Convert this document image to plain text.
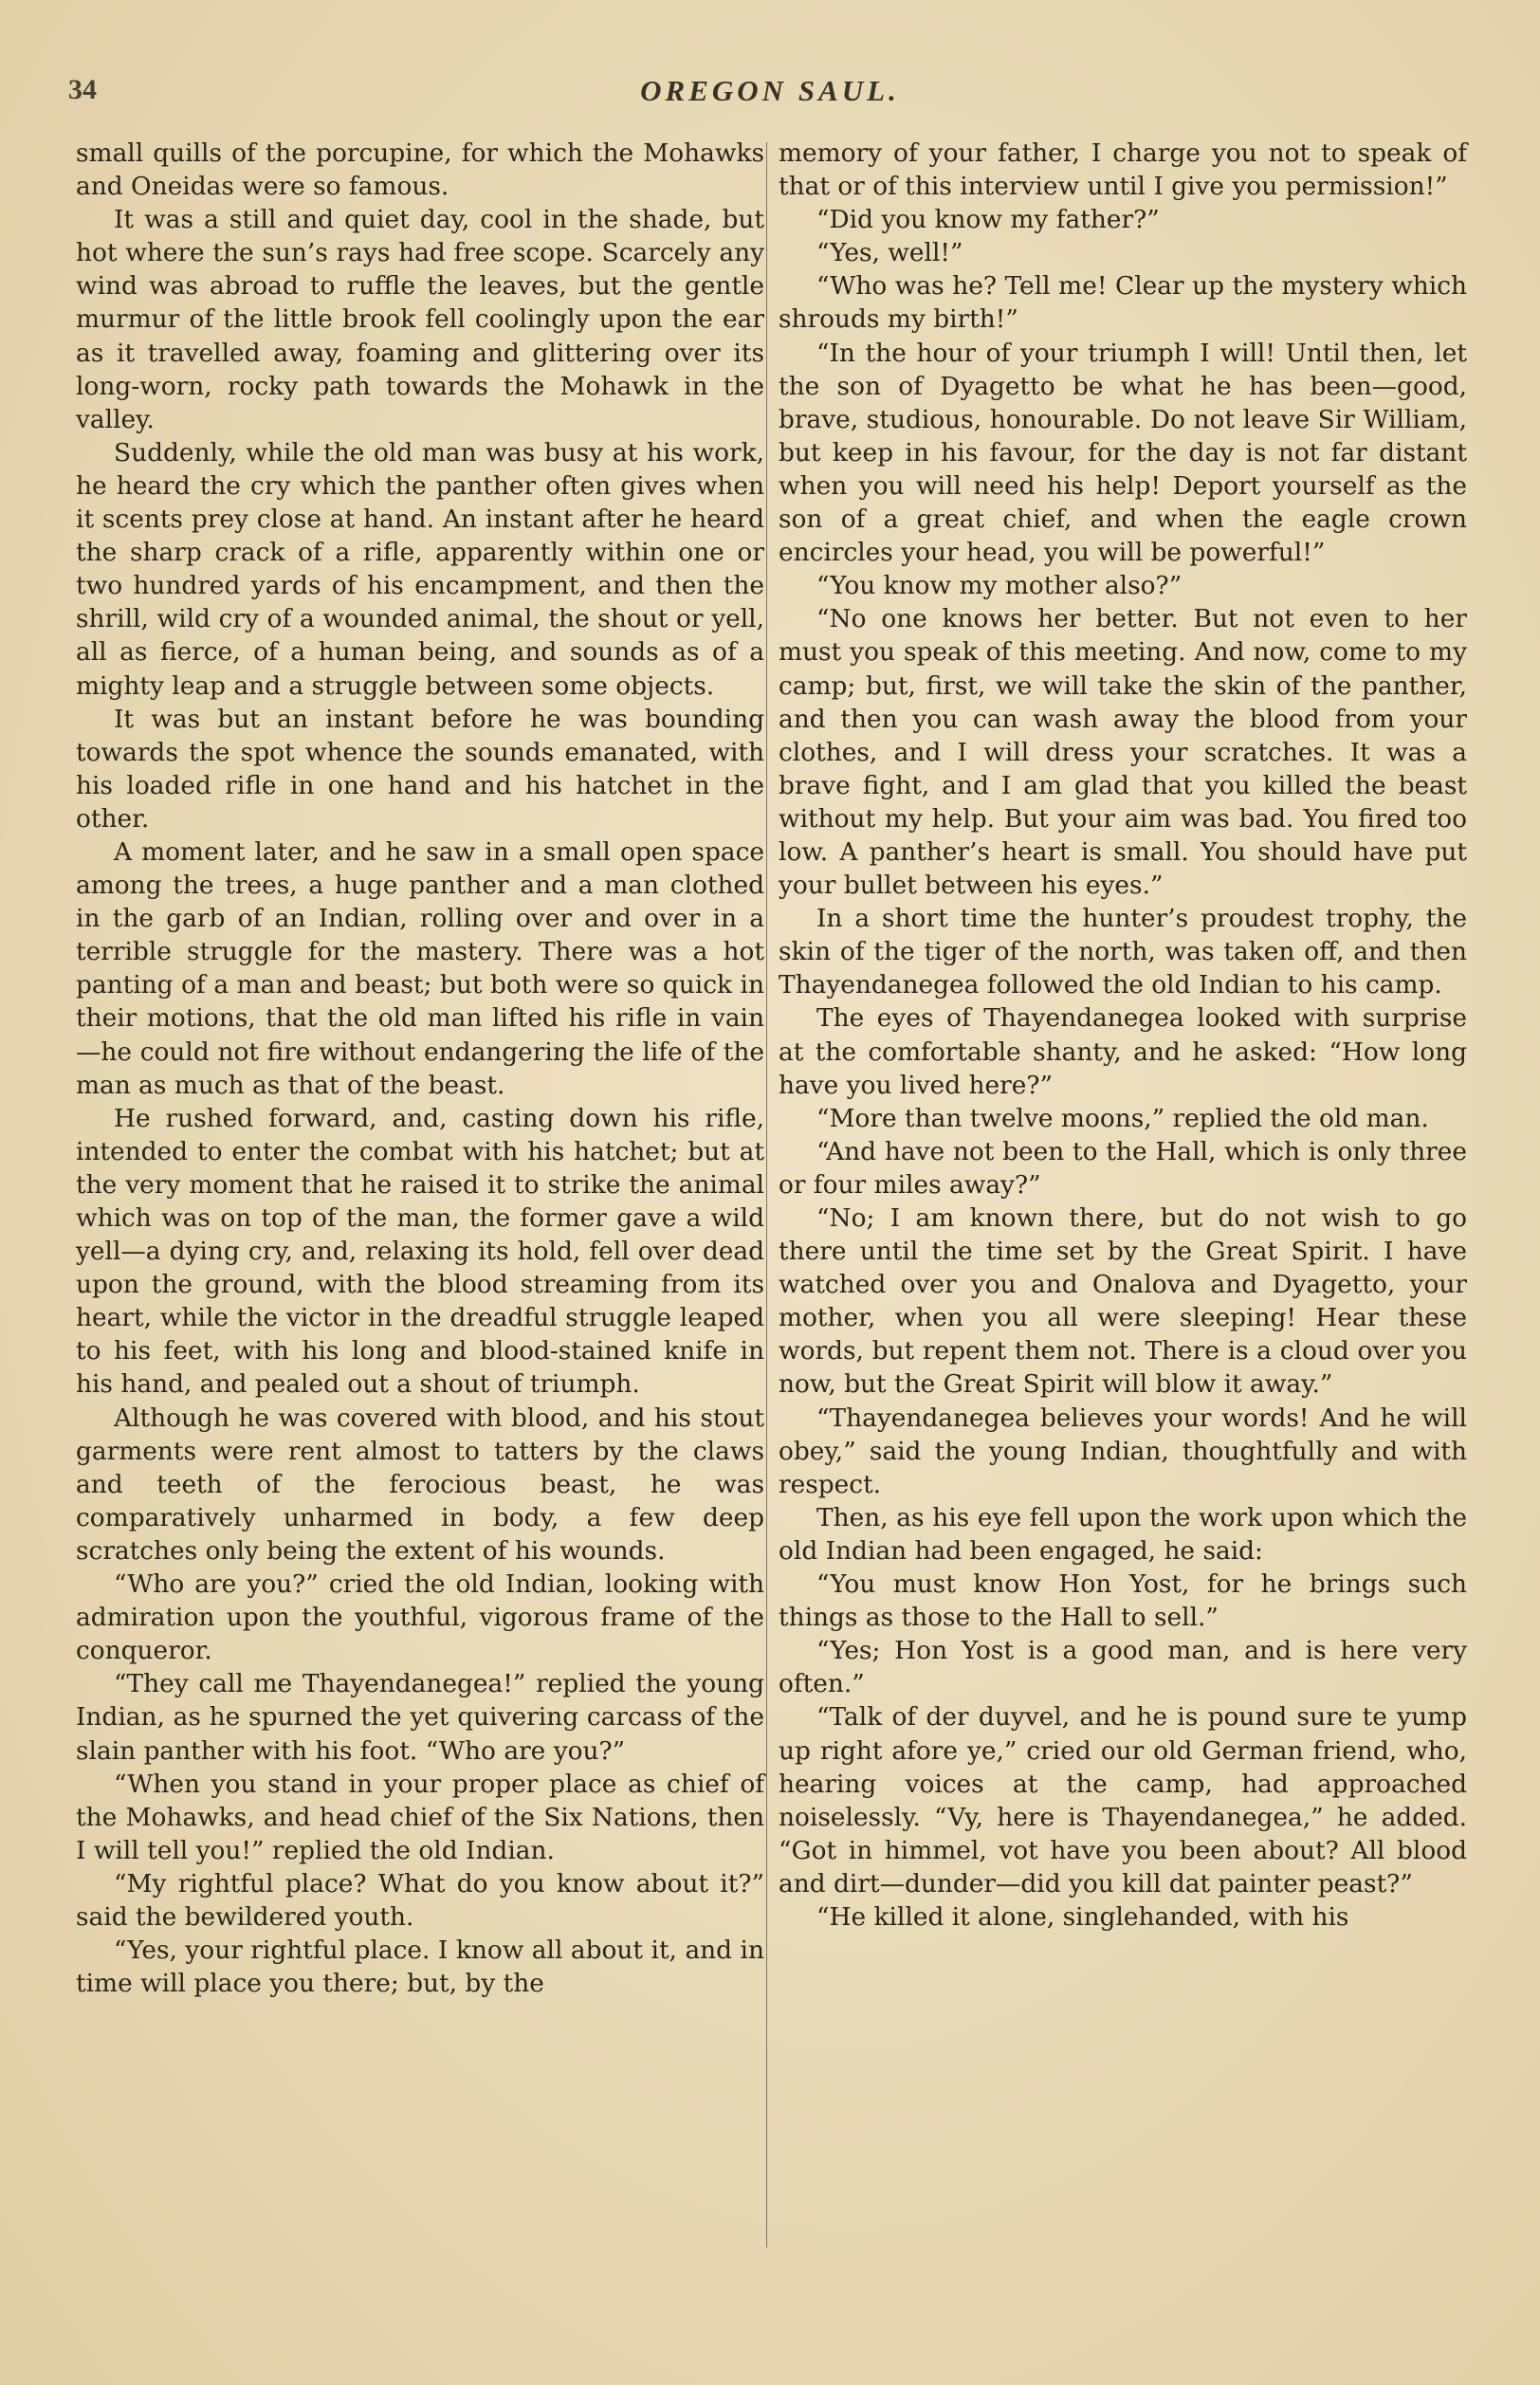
34	OREGON SAUL.

small quills of the porcupine, for which the Mohawks and Oneidas were so famous.

It was a still and quiet day, cool in the shade, but hot where the sun’s rays had free scope. Scarcely any wind was abroad to ruffle the leaves, but the gentle murmur of the little brook fell coolingly upon the ear as it travelled away, foaming and glittering over its long-worn, rocky path towards the Mohawk in the valley.

Suddenly, while the old man was busy at his work, he heard the cry which the panther often gives when it scents prey close at hand. An instant after he heard the sharp crack of a rifle, apparently within one or two hundred yards of his encampment, and then the shrill, wild cry of a wounded animal, the shout or yell, all as fierce, of a human being, and sounds as of a mighty leap and a struggle between some objects.

It was but an instant before he was bounding towards the spot whence the sounds emanated, with his loaded rifle in one hand and his hatchet in the other.

A moment later, and he saw in a small open space among the trees, a huge panther and a man clothed in the garb of an Indian, rolling over and over in a terrible struggle for the mastery. There was a hot panting of a man and beast; but both were so quick in their motions, that the old man lifted his rifle in vain —he could not fire without endangering the life of the man as much as that of the beast.

He rushed forward, and, casting down his rifle, intended to enter the combat with his hatchet; but at the very moment that he raised it to strike the animal which was on top of the man, the former gave a wild yell—a dying cry, and, relaxing its hold, fell over dead upon the ground, with the blood streaming from its heart, while the victor in the dreadful struggle leaped to his feet, with his long and blood-stained knife in his hand, and pealed out a shout of triumph.

Although he was covered with blood, and his stout garments were rent almost to tatters by the claws and teeth of the ferocious beast, he was comparatively unharmed in body, a few deep scratches only being the extent of his wounds.

“Who are you?” cried the old Indian, looking with admiration upon the youthful, vigorous frame of the conqueror.

“They call me Thayendanegea!” replied the young Indian, as he spurned the yet quivering carcass of the slain panther with his foot. “Who are you?”

“When you stand in your proper place as chief of the Mohawks, and head chief of the Six Nations, then I will tell you!” replied the old Indian.

“My rightful place? What do you know about it?” said the bewildered youth.

“Yes, your rightful place. I know all about it, and in time will place you there; but, by the

memory of your father, I charge you not to speak of that or of this interview until I give you permission!”

“Did you know my father?”

“Yes, well!”

“Who was he? Tell me! Clear up the mystery which shrouds my birth!”

“In the hour of your triumph I will! Until then, let the son of Dyagetto be what he has been—good, brave, studious, honourable. Do not leave Sir William, but keep in his favour, for the day is not far distant when you will need his help! Deport yourself as the son of a great chief, and when the eagle crown encircles your head, you will be powerful!”

“You know my mother also?”

“No one knows her better. But not even to her must you speak of this meeting. And now, come to my camp; but, first, we will take the skin of the panther, and then you can wash away the blood from your clothes, and I will dress your scratches. It was a brave fight, and I am glad that you killed the beast without my help. But your aim was bad. You fired too low. A panther’s heart is small. You should have put your bullet between his eyes.”

In a short time the hunter’s proudest trophy, the skin of the tiger of the north, was taken off, and then Thayendanegea followed the old Indian to his camp.

The eyes of Thayendanegea looked with surprise at the comfortable shanty, and he asked: “How long have you lived here?”

“More than twelve moons,” replied the old man.

“And have not been to the Hall, which is only three or four miles away?”

“No; I am known there, but do not wish to go there until the time set by the Great Spirit. I have watched over you and Onalova and Dyagetto, your mother, when you all were sleeping! Hear these words, but repent them not. There is a cloud over you now, but the Great Spirit will blow it away.”

“Thayendanegea believes your words! And he will obey,” said the young Indian, thoughtfully and with respect.

Then, as his eye fell upon the work upon which the old Indian had been engaged, he said:

“You must know Hon Yost, for he brings such things as those to the Hall to sell.”

“Yes; Hon Yost is a good man, and is here very often.”

“Talk of der duyvel, and he is pound sure te yump up right afore ye,” cried our old German friend, who, hearing voices at the camp, had approached noiselessly. “Vy, here is Thayendanegea,” he added. “Got in himmel, vot have you been about? All blood and dirt—dunder—did you kill dat painter peast?”

“He killed it alone, singlehanded, with his
